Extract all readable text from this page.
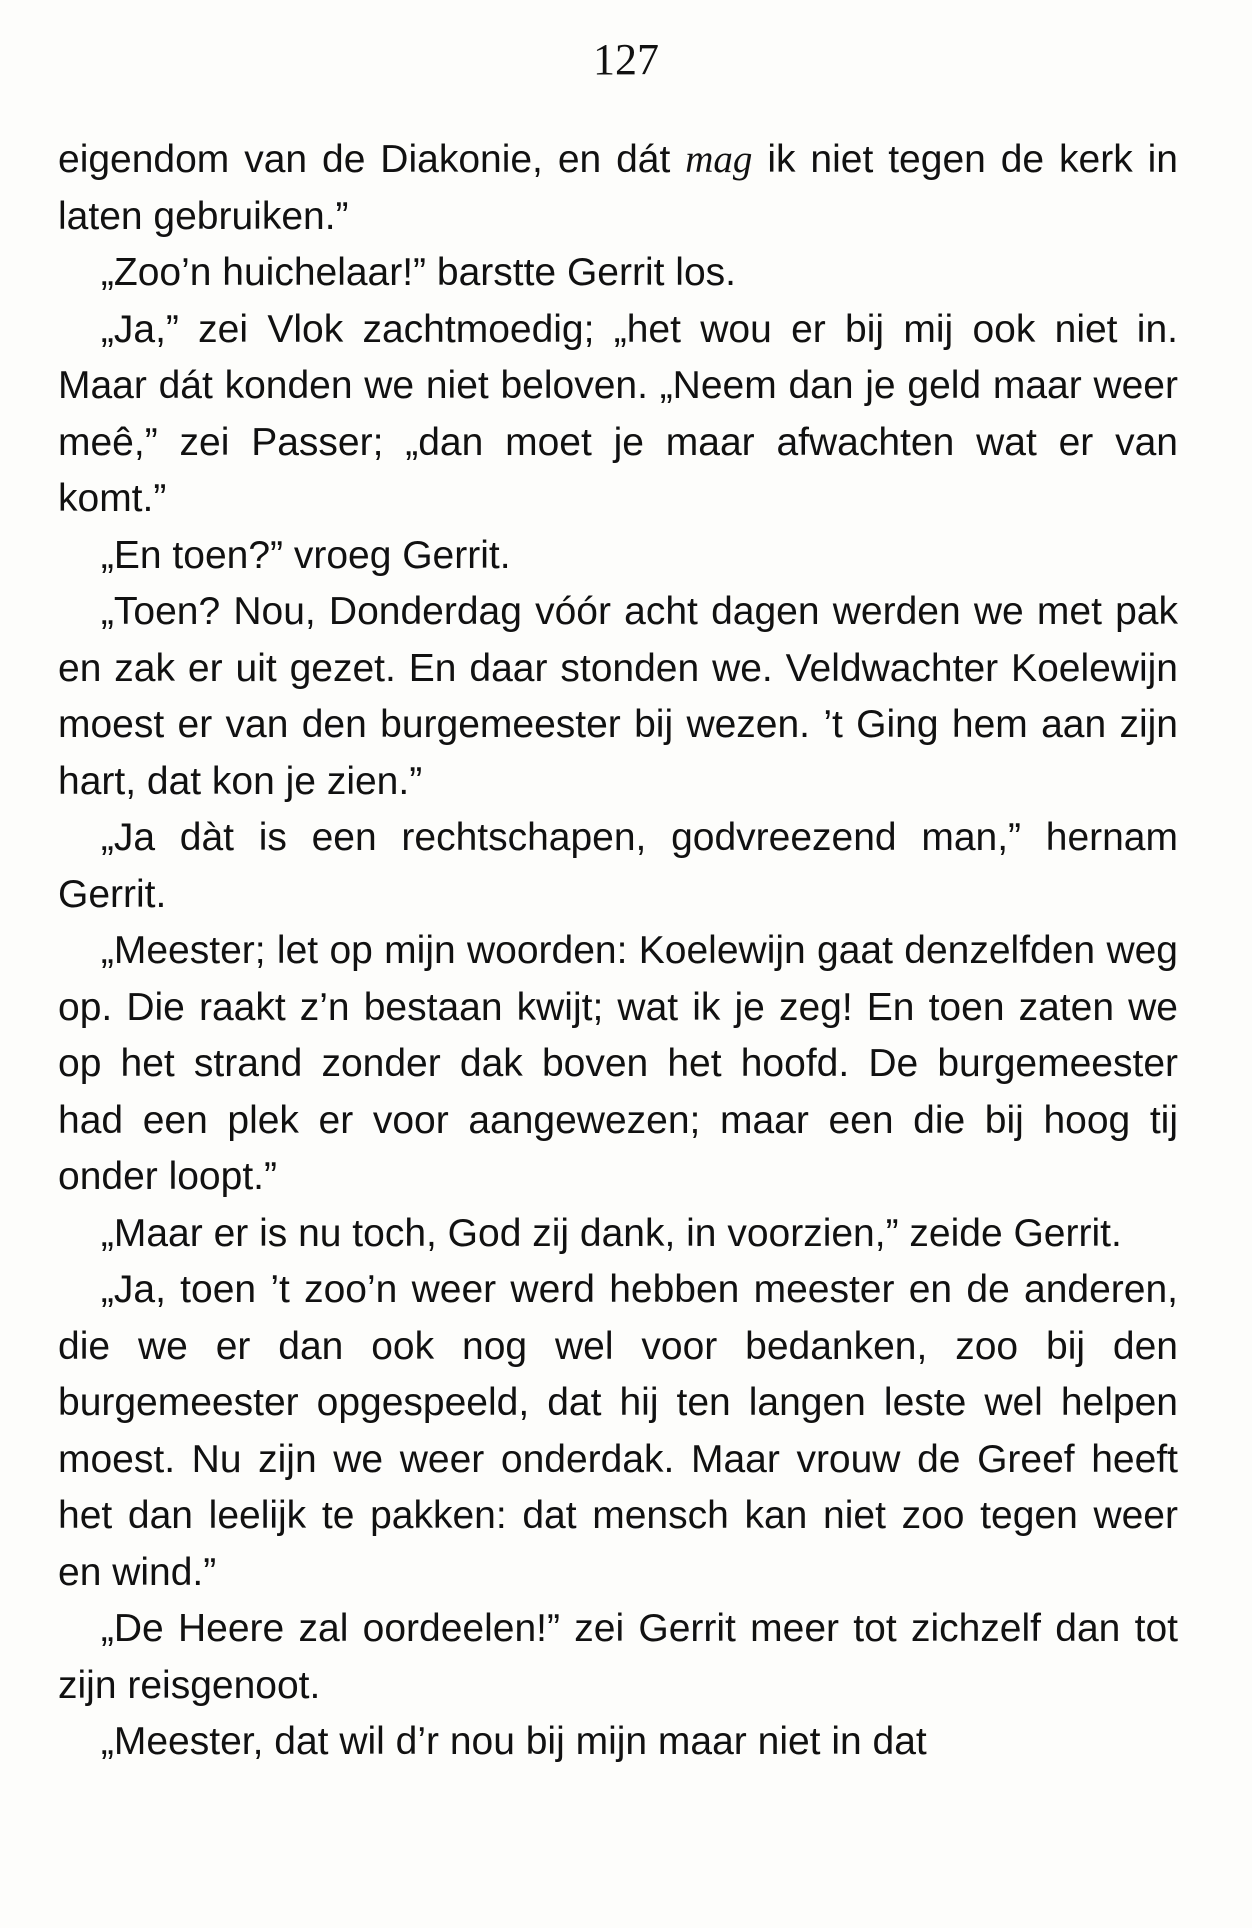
127

eigendom van de Diakonie, en dát mag ik niet tegen de kerk in laten gebruiken.”

„Zoo’n huichelaar!” barstte Gerrit los.

„Ja,” zei Vlok zachtmoedig; „het wou er bij mij ook niet in. Maar dát konden we niet beloven. „Neem dan je geld maar weer meê,” zei Passer; „dan moet je maar afwachten wat er van komt.”

„En toen?” vroeg Gerrit.

„Toen? Nou, Donderdag vóór acht dagen werden we met pak en zak er uit gezet. En daar stonden we. Veldwachter Koelewijn moest er van den burgemeester bij wezen. ’t Ging hem aan zijn hart, dat kon je zien.”

„Ja dàt is een rechtschapen, godvreezend man,” hernam Gerrit.

„Meester; let op mijn woorden: Koelewijn gaat denzelfden weg op. Die raakt z’n bestaan kwijt; wat ik je zeg! En toen zaten we op het strand zonder dak boven het hoofd. De burgemeester had een plek er voor aangewezen; maar een die bij hoog tij onder loopt.”

„Maar er is nu toch, God zij dank, in voorzien,” zeide Gerrit.

„Ja, toen ’t zoo’n weer werd hebben meester en de anderen, die we er dan ook nog wel voor bedanken, zoo bij den burgemeester opgespeeld, dat hij ten langen leste wel helpen moest. Nu zijn we weer onderdak. Maar vrouw de Greef heeft het dan leelijk te pakken: dat mensch kan niet zoo tegen weer en wind.”

„De Heere zal oordeelen!” zei Gerrit meer tot zichzelf dan tot zijn reisgenoot.

„Meester, dat wil d’r nou bij mijn maar niet in dat
